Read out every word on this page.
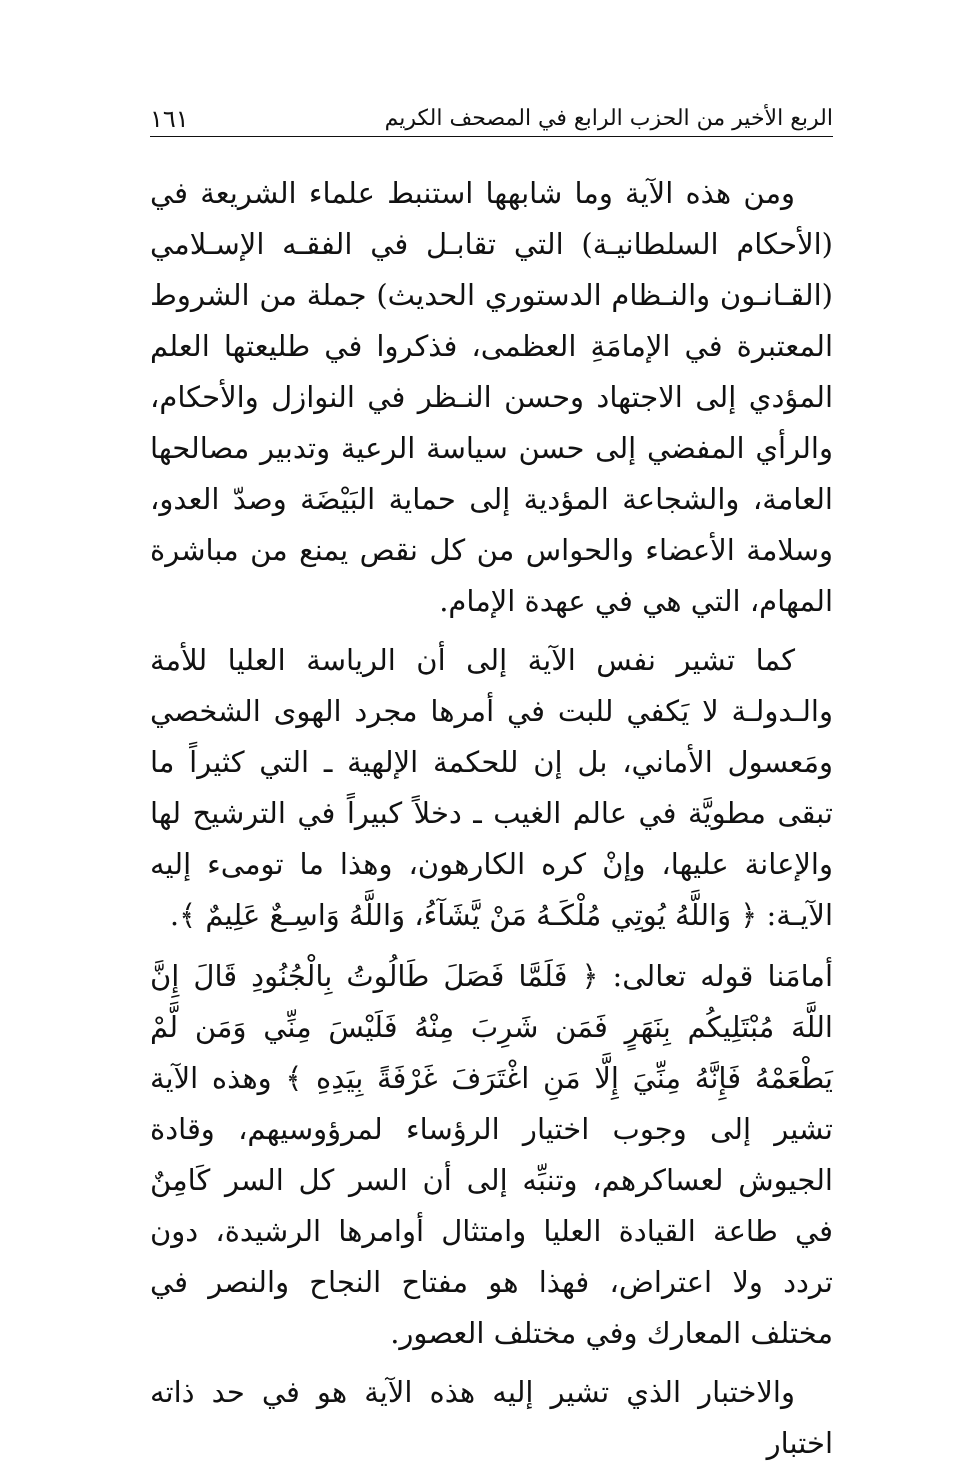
الربع الأخير من الحزب الرابع في المصحف الكريم
١٦١

ومن هذه الآية وما شابهها استنبط علماء الشريعة في (الأحكام السلطانيـة) التي تقابـل في الفقـه الإسـلامي (القـانـون والنـظام الدستوري الحديث) جملة من الشروط المعتبرة في الإمامَةِ العظمى، فذكروا في طليعتها العلم المؤدي إلى الاجتهاد وحسن النـظر في النوازل والأحكام، والرأي المفضي إلى حسن سياسة الرعية وتدبير مصالحها العامة، والشجاعة المؤدية إلى حماية البَيْضَة وصدّ العدو، وسلامة الأعضاء والحواس من كل نقص يمنع من مباشرة المهام، التي هي في عهدة الإمام.

كما تشير نفس الآية إلى أن الرياسة العليا للأمة والـدولـة لا يَكفي للبت في أمرها مجرد الهوى الشخصي ومَعسول الأماني، بل إن للحكمة الإلهية ـ التي كثيراً ما تبقى مطويَّة في عالم الغيب ـ دخلاً كبيراً في الترشيح لها والإعانة عليها، وإنْ كره الكارهون، وهذا ما تومىء إليه الآيـة: ﴿ وَاللَّهُ يُوتِي مُلْكَـهُ مَنْ يَّشَآءُ، وَاللَّهُ وَاسِـعٌ عَلِيمٌ ﴾.

أمامَنا قوله تعالى: ﴿ فَلَمَّا فَصَلَ طَالُوتُ بِالْجُنُودِ قَالَ إِنَّ اللَّهَ مُبْتَلِيكُم بِنَهَرٍ فَمَن شَرِبَ مِنْهُ فَلَيْسَ مِنِّي وَمَن لَّمْ يَطْعَمْهُ فَإِنَّهُ مِنِّيَ إِلَّا مَنِ اغْتَرَفَ غَرْفَةً بِيَدِهِ ﴾ وهذه الآية تشير إلى وجوب اختيار الرؤساء لمرؤوسيهم، وقادة الجيوش لعساكرهم، وتنبِّه إلى أن السر كل السر كَامِنٌ في طاعة القيادة العليا وامتثال أوامرها الرشيدة، دون تردد ولا اعتراض، فهذا هو مفتاح النجاح والنصر في مختلف المعارك وفي مختلف العصور.

والاختبار الذي تشير إليه هذه الآية هو في حد ذاته اختبار
